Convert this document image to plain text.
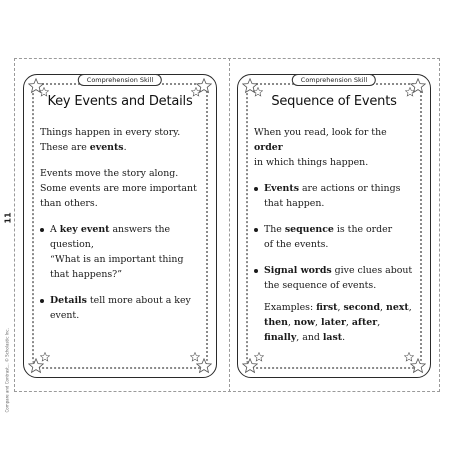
11
Compare and Contrast... © Scholastic Inc.
Comprehension Skill
Key Events and Details

Things happen in every story.
These are events.

Events move the story along.
Some events are more important
than others.

A key event answers the question,
“What is an important thing
that happens?”
Details tell more about a key event.
Comprehension Skill
Sequence of Events

When you read, look for the order
in which things happen.

Events are actions or things
that happen.
The sequence is the order
of the events.
Signal words give clues about
the sequence of events.
Examples: first, second, next,
then, now, later, after,
finally, and last.
